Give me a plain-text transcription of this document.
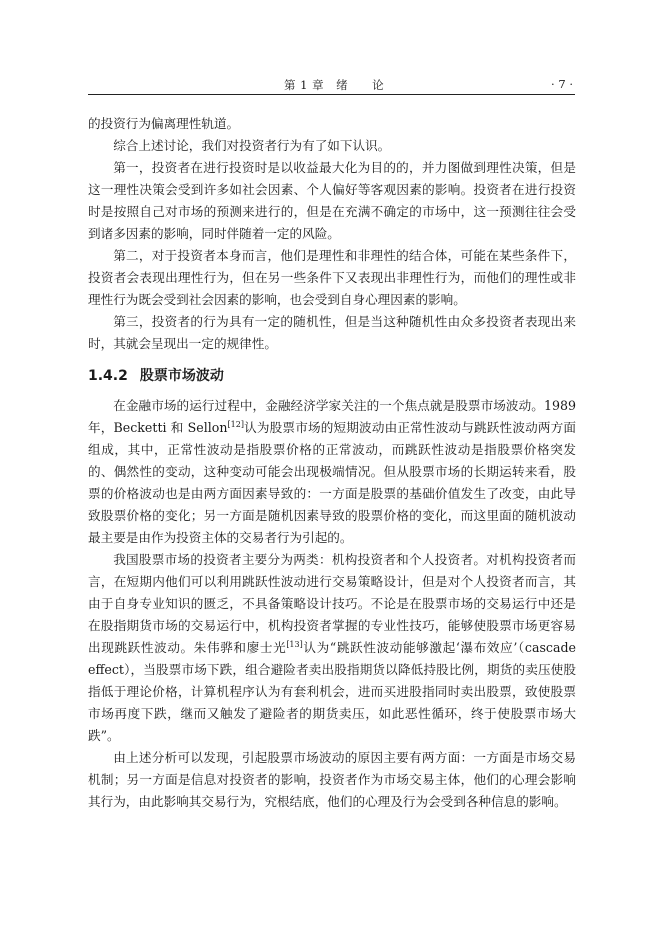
第 1 章　绪　　论	· 7 ·

的投资行为偏离理性轨道。

综合上述讨论，我们对投资者行为有了如下认识。

第一，投资者在进行投资时是以收益最大化为目的的，并力图做到理性决策，但是这一理性决策会受到许多如社会因素、个人偏好等客观因素的影响。投资者在进行投资时是按照自己对市场的预测来进行的，但是在充满不确定的市场中，这一预测往往会受到诸多因素的影响，同时伴随着一定的风险。

第二，对于投资者本身而言，他们是理性和非理性的结合体，可能在某些条件下，投资者会表现出理性行为，但在另一些条件下又表现出非理性行为，而他们的理性或非理性行为既会受到社会因素的影响，也会受到自身心理因素的影响。

第三，投资者的行为具有一定的随机性，但是当这种随机性由众多投资者表现出来时，其就会呈现出一定的规律性。

1.4.2 股票市场波动

在金融市场的运行过程中，金融经济学家关注的一个焦点就是股票市场波动。1989 年，Becketti 和 Sellon[12]认为股票市场的短期波动由正常性波动与跳跃性波动两方面组成，其中，正常性波动是指股票价格的正常波动，而跳跃性波动是指股票价格突发的、偶然性的变动，这种变动可能会出现极端情况。但从股票市场的长期运转来看，股票的价格波动也是由两方面因素导致的：一方面是股票的基础价值发生了改变，由此导致股票价格的变化；另一方面是随机因素导致的股票价格的变化，而这里面的随机波动最主要是由作为投资主体的交易者行为引起的。

我国股票市场的投资者主要分为两类：机构投资者和个人投资者。对机构投资者而言，在短期内他们可以利用跳跃性波动进行交易策略设计，但是对个人投资者而言，其由于自身专业知识的匮乏，不具备策略设计技巧。不论是在股票市场的交易运行中还是在股指期货市场的交易运行中，机构投资者掌握的专业性技巧，能够使股票市场更容易出现跳跃性波动。朱伟骅和廖士光[13]认为“跳跃性波动能够激起‘瀑布效应’（cascade effect），当股票市场下跌，组合避险者卖出股指期货以降低持股比例，期货的卖压使股指低于理论价格，计算机程序认为有套利机会，进而买进股指同时卖出股票，致使股票市场再度下跌，继而又触发了避险者的期货卖压，如此恶性循环，终于使股票市场大跌”。

由上述分析可以发现，引起股票市场波动的原因主要有两方面：一方面是市场交易机制；另一方面是信息对投资者的影响，投资者作为市场交易主体，他们的心理会影响其行为，由此影响其交易行为，究根结底，他们的心理及行为会受到各种信息的影响。
